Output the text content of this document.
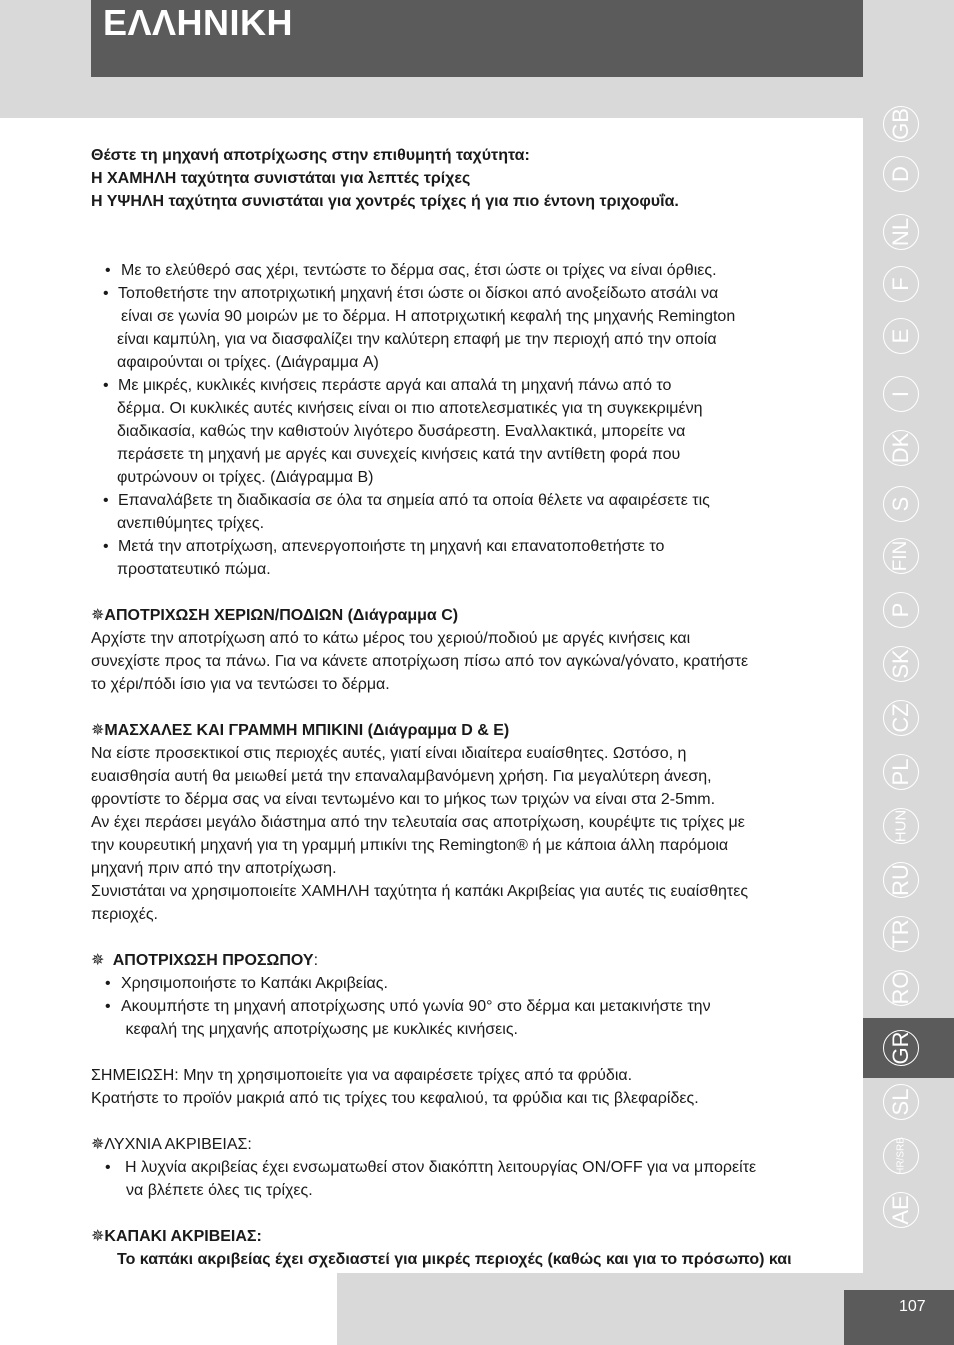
ΕΛΛΗΝΙΚΗ
GB
D
NL
F
E
I
DK
S
FIN
P
SK
CZ
PL
HUN
RU
TR
RO
GR
SL
HR/SRB
AE
107

Θέστε τη μηχανή αποτρίχωσης στην επιθυμητή ταχύτητα:

Η ΧΑΜΗΛΗ ταχύτητα συνιστάται για λεπτές τρίχες

Η ΥΨΗΛΗ ταχύτητα συνιστάται για χοντρές τρίχες ή για πιο έντονη τριχοφυΐα.

• Με το ελεύθερό σας χέρι, τεντώστε το δέρμα σας, έτσι ώστε οι τρίχες να είναι όρθιες.

• Τοποθετήστε την αποτριχωτική μηχανή έτσι ώστε οι δίσκοι από ανοξείδωτο ατσάλι να

είναι σε γωνία 90 μοιρών με το δέρμα. Η αποτριχωτική κεφαλή της μηχανής Remington

είναι καμπύλη, για να διασφαλίζει την καλύτερη επαφή με την περιοχή από την οποία

αφαιρούνται οι τρίχες. (Διάγραμμα A)

• Με μικρές, κυκλικές κινήσεις περάστε αργά και απαλά τη μηχανή πάνω από το

δέρμα. Οι κυκλικές αυτές κινήσεις είναι οι πιο αποτελεσματικές για τη συγκεκριμένη

διαδικασία, καθώς την καθιστούν λιγότερο δυσάρεστη. Εναλλακτικά, μπορείτε να

περάσετε τη μηχανή με αργές και συνεχείς κινήσεις κατά την αντίθετη φορά που

φυτρώνουν οι τρίχες. (Διάγραμμα B)

• Επαναλάβετε τη διαδικασία σε όλα τα σημεία από τα οποία θέλετε να αφαιρέσετε τις

ανεπιθύμητες τρίχες.

• Μετά την αποτρίχωση, απενεργοποιήστε τη μηχανή και επανατοποθετήστε το

προστατευτικό πώμα.

✵ΑΠΟΤΡΙΧΩΣΗ ΧΕΡΙΩΝ/ΠΟΔΙΩΝ (Διάγραμμα C)

Αρχίστε την αποτρίχωση από το κάτω μέρος του χεριού/ποδιού με αργές κινήσεις και

συνεχίστε προς τα πάνω. Για να κάνετε αποτρίχωση πίσω από τον αγκώνα/γόνατο, κρατήστε

το χέρι/πόδι ίσιο για να τεντώσει το δέρμα.

✵ΜΑΣΧΑΛΕΣ ΚΑΙ ΓΡΑΜΜΗ ΜΠΙΚΙΝΙ (Διάγραμμα D & E)

Να είστε προσεκτικοί στις περιοχές αυτές, γιατί είναι ιδιαίτερα ευαίσθητες. Ωστόσο, η

ευαισθησία αυτή θα μειωθεί μετά την επαναλαμβανόμενη χρήση. Για μεγαλύτερη άνεση,

φροντίστε το δέρμα σας να είναι τεντωμένο και το μήκος των τριχών να είναι στα 2-5mm.

Αν έχει περάσει μεγάλο διάστημα από την τελευταία σας αποτρίχωση, κουρέψτε τις τρίχες με

την κουρευτική μηχανή για τη γραμμή μπικίνι της Remington® ή με κάποια άλλη παρόμοια

μηχανή πριν από την αποτρίχωση.

Συνιστάται να χρησιμοποιείτε ΧΑΜΗΛΗ ταχύτητα ή καπάκι Ακριβείας για αυτές τις ευαίσθητες

περιοχές.

✵  ΑΠΟΤΡΙΧΩΣΗ ΠΡΟΣΩΠΟΥ:

• Χρησιμοποιήστε το Καπάκι Ακριβείας.

• Ακουμπήστε τη μηχανή αποτρίχωσης υπό γωνία 90° στο δέρμα και μετακινήστε την

κεφαλή της μηχανής αποτρίχωσης με κυκλικές κινήσεις.

ΣΗΜΕΙΩΣΗ: Μην τη χρησιμοποιείτε για να αφαιρέσετε τρίχες από τα φρύδια.

Κρατήστε το προϊόν μακριά από τις τρίχες του κεφαλιού, τα φρύδια και τις βλεφαρίδες.

✵ΛΥΧΝΙΑ ΑΚΡΙΒΕΙΑΣ:

• Η λυχνία ακριβείας έχει ενσωματωθεί στον διακόπτη λειτουργίας ON/OFF για να μπορείτε

να βλέπετε όλες τις τρίχες.

✵ΚΑΠΑΚΙ ΑΚΡΙΒΕΙΑΣ:

Το καπάκι ακριβείας έχει σχεδιαστεί για μικρές περιοχές (καθώς και για το πρόσωπο) και
